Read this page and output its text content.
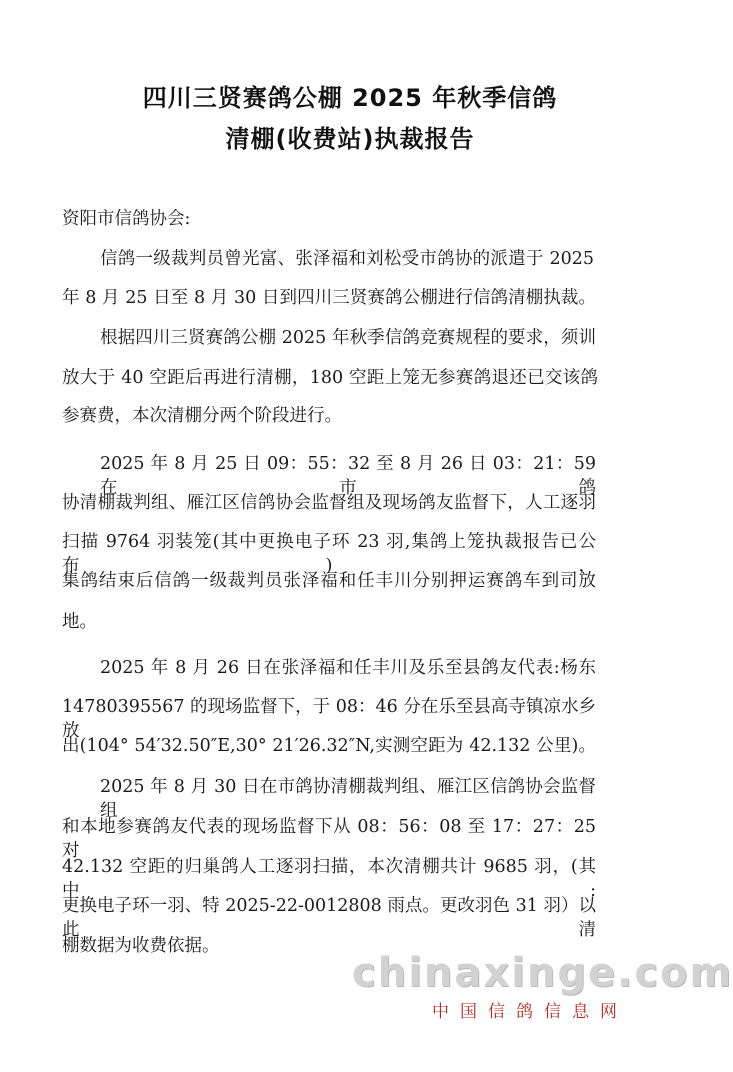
四川三贤赛鸽公棚 2025 年秋季信鸽
清棚(收费站)执裁报告
资阳市信鸽协会:
信鸽一级裁判员曾光富、张泽福和刘松受市鸽协的派遣于 2025
年 8 月 25 日至 8 月 30 日到四川三贤赛鸽公棚进行信鸽清棚执裁。
根据四川三贤赛鸽公棚 2025 年秋季信鸽竞赛规程的要求，须训
放大于 40 空距后再进行清棚，180 空距上笼无参赛鸽退还已交该鸽
参赛费，本次清棚分两个阶段进行。
2025 年 8 月 25 日 09：55：32 至 8 月 26 日 03：21：59 在市鸽
协清棚裁判组、雁江区信鸽协会监督组及现场鸽友监督下，人工逐羽
扫描 9764 羽装笼(其中更换电子环 23 羽,集鸽上笼执裁报告已公布)，
集鸽结束后信鸽一级裁判员张泽福和任丰川分别押运赛鸽车到司放
地。
2025 年 8 月 26 日在张泽福和任丰川及乐至县鸽友代表:杨东
14780395567 的现场监督下，于 08：46 分在乐至县高寺镇凉水乡放
出(104° 54′32.50″E,30° 21′26.32″N,实测空距为 42.132 公里)。
2025 年 8 月 30 日在市鸽协清棚裁判组、雁江区信鸽协会监督组
和本地参赛鸽友代表的现场监督下从 08：56：08 至 17：27：25 对
42.132 空距的归巢鸽人工逐羽扫描，本次清棚共计 9685 羽，(其中:
更换电子环一羽、特 2025-22-0012808 雨点。更改羽色 31 羽）以此清
棚数据为收费依据。
chinaxinge.com
中国信鸽信息网
